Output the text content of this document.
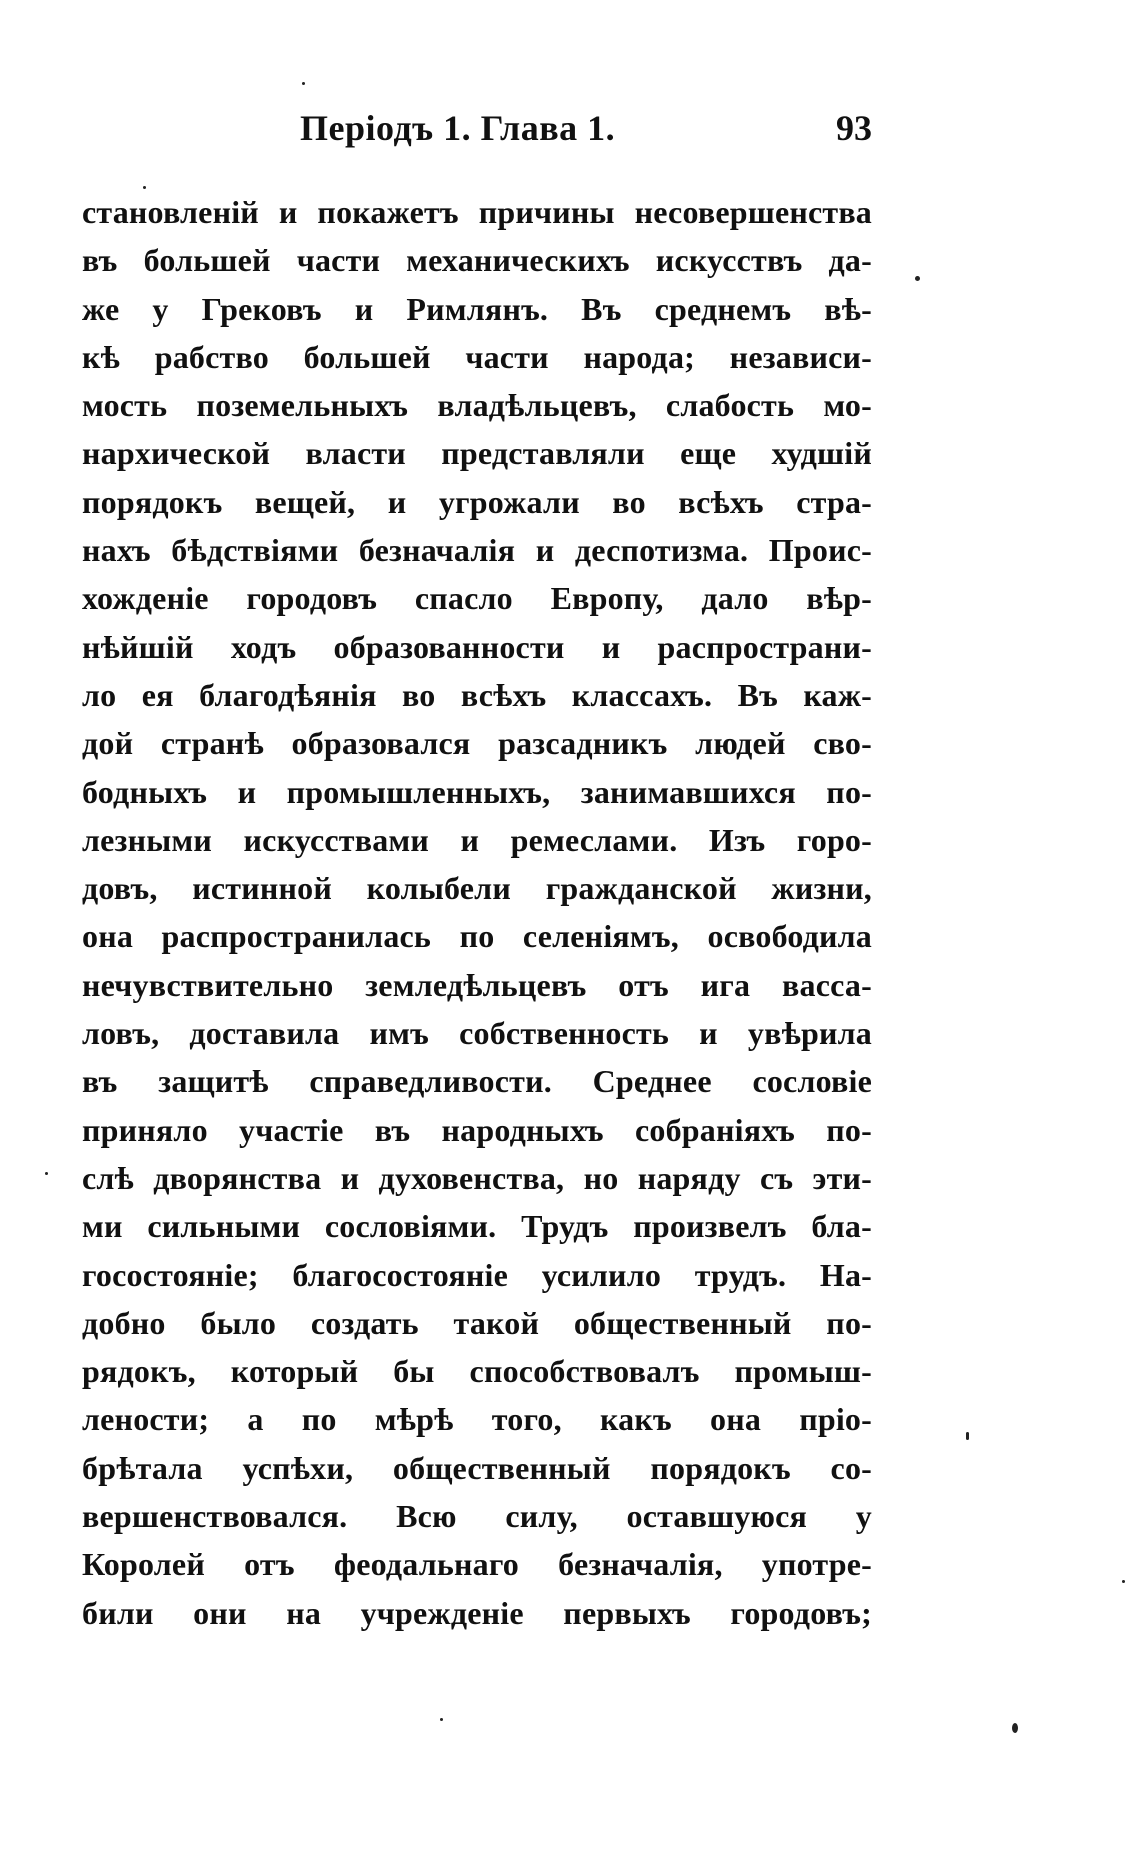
Періодъ 1. Глава 1.	93
становленій и покажетъ причины несовершенства
въ большей части механическихъ искусствъ да-
же у Грековъ и Римлянъ. Въ среднемъ вѣ-
кѣ рабство большей части народа; независи-
мость поземельныхъ владѣльцевъ, слабость мо-
нархической власти представляли еще худшій
порядокъ вещей, и угрожали во всѣхъ стра-
нахъ бѣдствіями безначалія и деспотизма. Проис-
хожденіе городовъ спасло Европу, дало вѣр-
нѣйшій ходъ образованности и распространи-
ло ея благодѣянія во всѣхъ классахъ. Въ каж-
дой странѣ образовался разсадникъ людей сво-
бодныхъ и промышленныхъ, занимавшихся по-
лезными искусствами и ремеслами. Изъ горо-
довъ, истинной колыбели гражданской жизни,
она распространилась по селеніямъ, освободила
нечувствительно земледѣльцевъ отъ ига васса-
ловъ, доставила имъ собственность и увѣрила
въ защитѣ справедливости. Среднее сословіе
приняло участіе въ народныхъ собраніяхъ по-
слѣ дворянства и духовенства, но наряду съ эти-
ми сильными сословіями. Трудъ произвелъ бла-
госостояніе; благосостояніе усилило трудъ. На-
добно было создать такой общественный по-
рядокъ, который бы способствовалъ промыш-
лености; а по мѣрѣ того, какъ она пріо-
брѣтала успѣхи, общественный порядокъ со-
вершенствовался. Всю силу, оставшуюся у
Королей отъ феодальнаго безначалія, употре-
били они на учрежденіе первыхъ городовъ;
